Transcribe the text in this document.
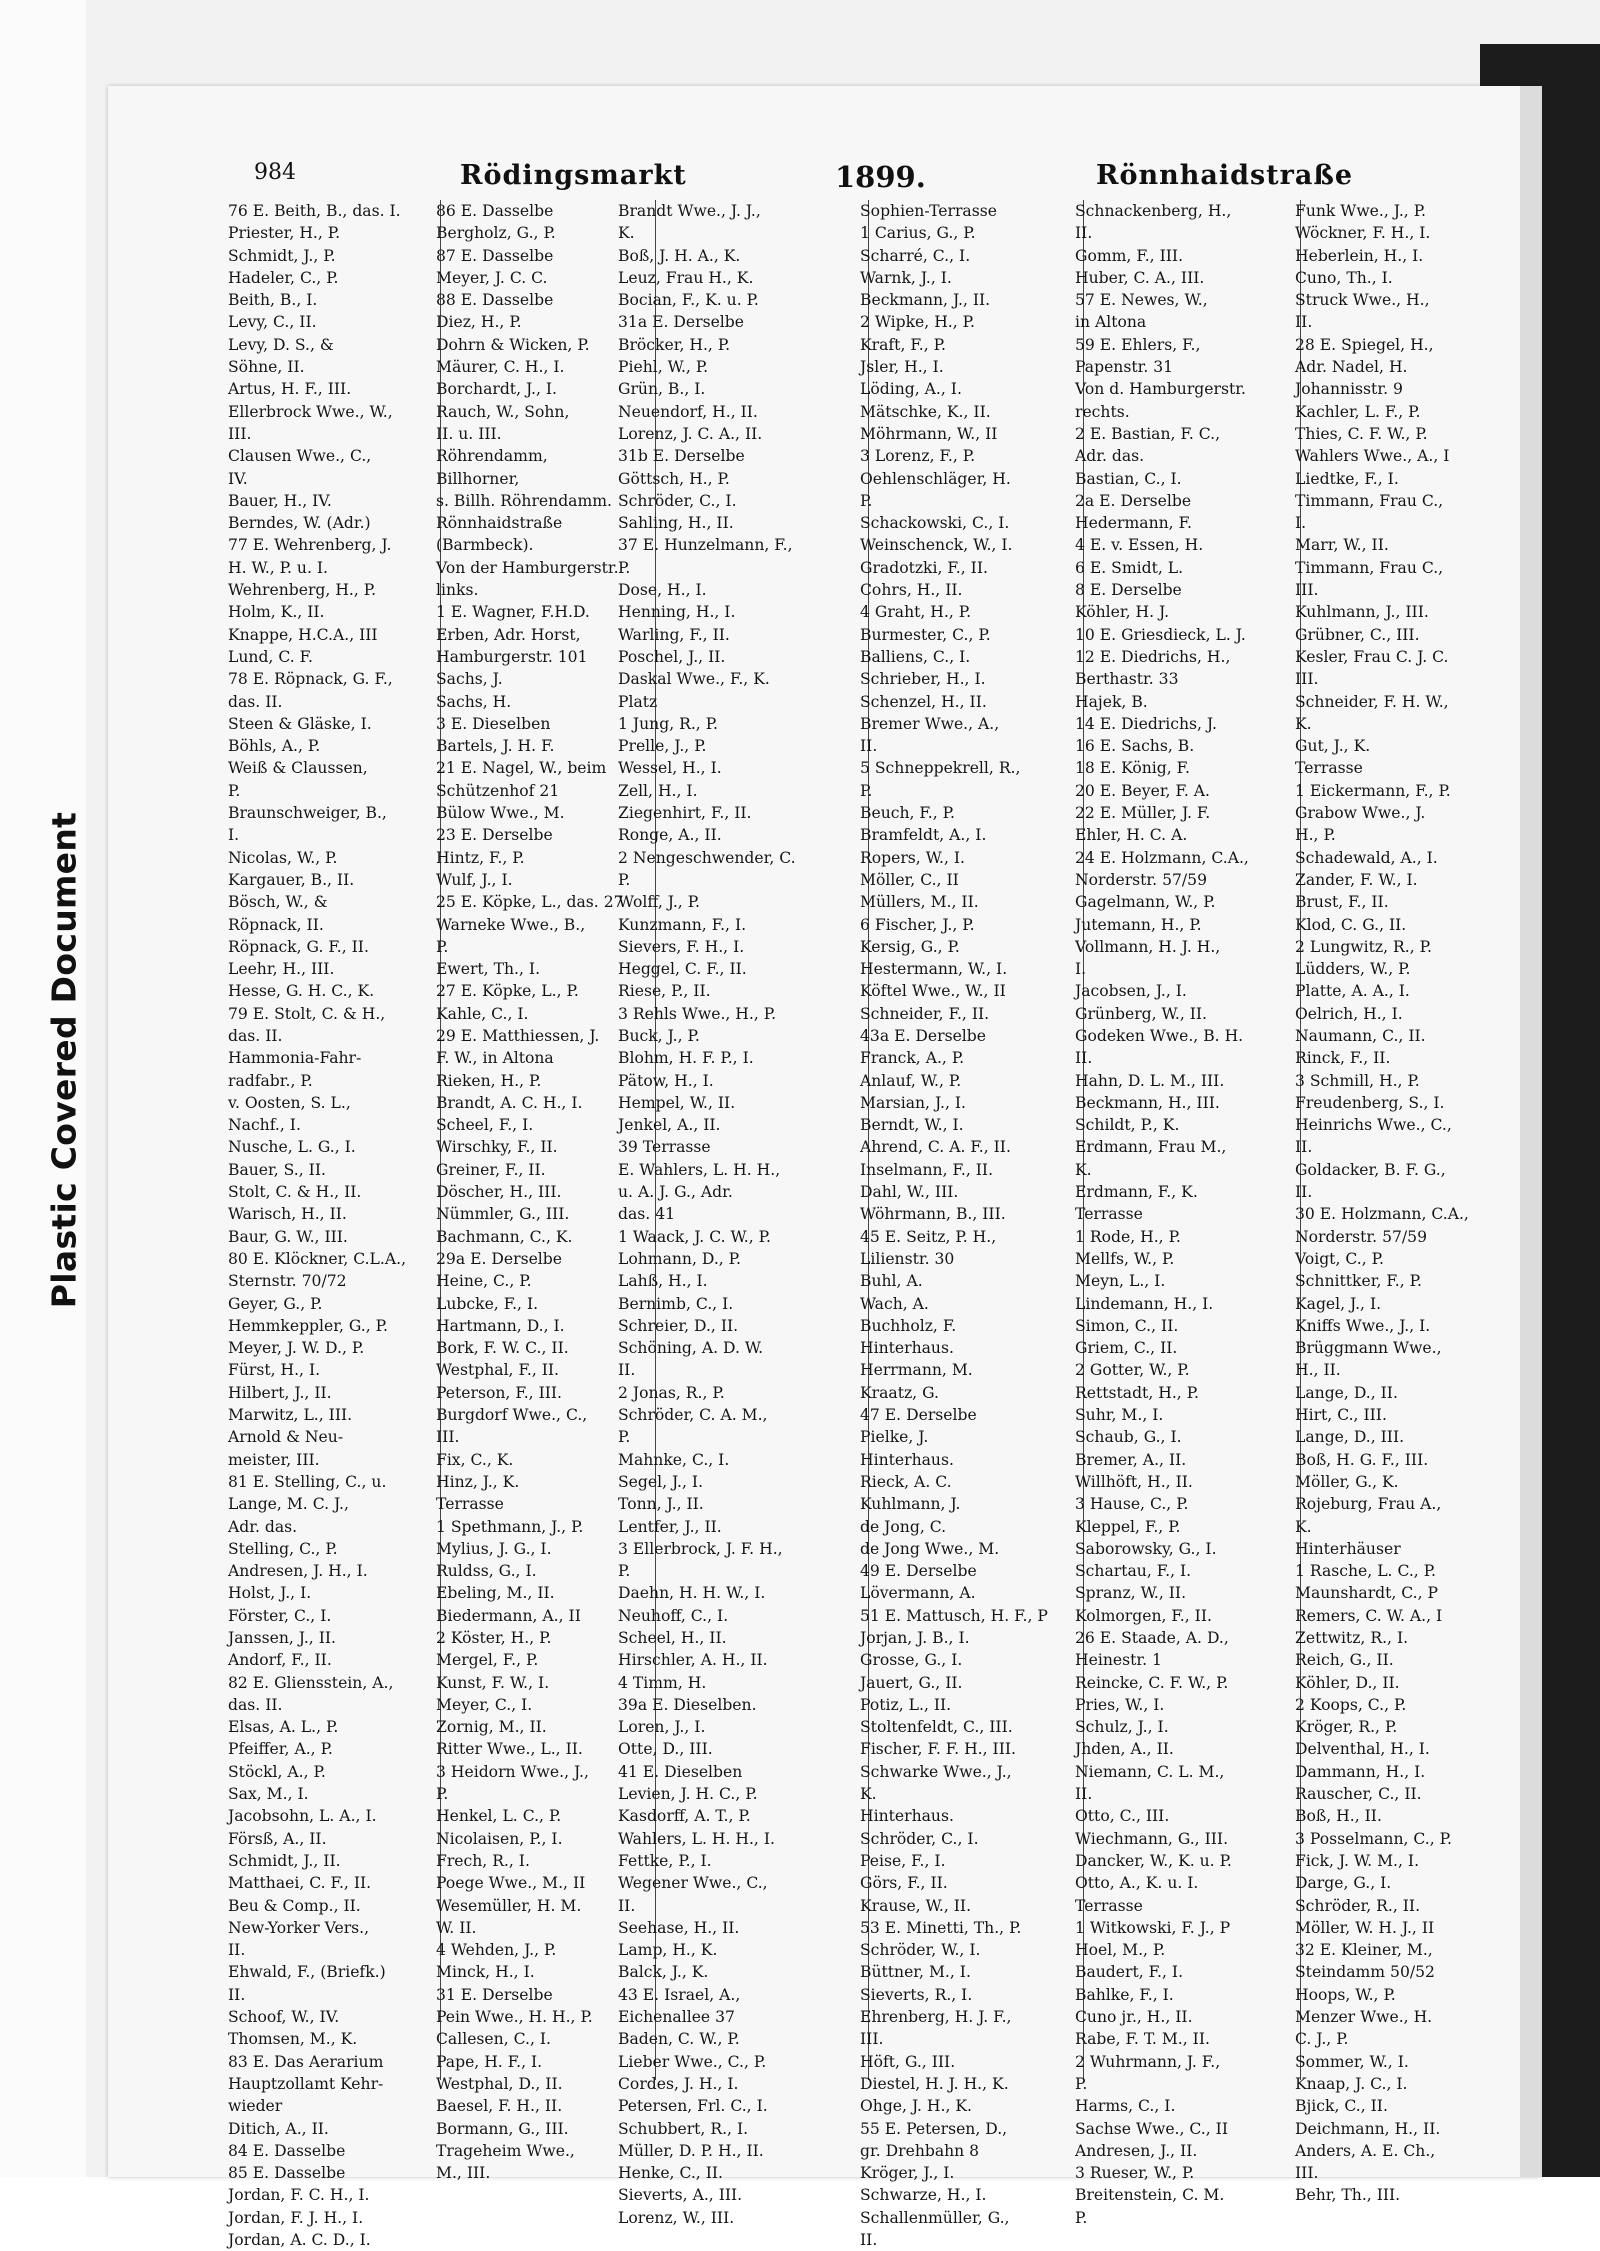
Plastic Covered Document
984	Rödingsmarkt	1899.	Rönnhaidstraße
76 E. Beith, B., das. I.
Priester, H., P.
Schmidt, J., P.
Hadeler, C., P.
Beith, B., I.
Levy, C., II.
Levy, D. S., &
Söhne, II.
Artus, H. F., III.
Ellerbrock Wwe., W.,
III.
Clausen Wwe., C.,
IV.
Bauer, H., IV.
Berndes, W. (Adr.)
77 E. Wehrenberg, J.
H. W., P. u. I.
Wehrenberg, H., P.
Holm, K., II.
Knappe, H.C.A., III
Lund, C. F.
78 E. Röpnack, G. F.,
das. II.
Steen & Gläske, I.
Böhls, A., P.
Weiß & Claussen,
P.
Braunschweiger, B.,
I.
Nicolas, W., P.
Kargauer, B., II.
Bösch, W., &
Röpnack, II.
Röpnack, G. F., II.
Leehr, H., III.
Hesse, G. H. C., K.
79 E. Stolt, C. & H.,
das. II.
Hammonia-Fahr-
radfabr., P.
v. Oosten, S. L.,
Nachf., I.
Nusche, L. G., I.
Bauer, S., II.
Stolt, C. & H., II.
Warisch, H., II.
Baur, G. W., III.
80 E. Klöckner, C.L.A.,
Sternstr. 70/72
Geyer, G., P.
Hemmkeppler, G., P.
Meyer, J. W. D., P.
Fürst, H., I.
Hilbert, J., II.
Marwitz, L., III.
Arnold & Neu-
meister, III.
81 E. Stelling, C., u.
Lange, M. C. J.,
Adr. das.
Stelling, C., P.
Andresen, J. H., I.
Holst, J., I.
Förster, C., I.
Janssen, J., II.
Andorf, F., II.
82 E. Gliensstein, A.,
das. II.
Elsas, A. L., P.
Pfeiffer, A., P.
Stöckl, A., P.
Sax, M., I.
Jacobsohn, L. A., I.
Försß, A., II.
Schmidt, J., II.
Matthaei, C. F., II.
Beu & Comp., II.
New-Yorker Vers.,
II.
Ehwald, F., (Briefk.)
II.
Schoof, W., IV.
Thomsen, M., K.
83 E. Das Aerarium
Hauptzollamt Kehr-
wieder
Ditich, A., II.
84 E. Dasselbe
85 E. Dasselbe
Jordan, F. C. H., I.
Jordan, F. J. H., I.
Jordan, A. C. D., I.
86 E. Dasselbe
Bergholz, G., P.
87 E. Dasselbe
Meyer, J. C. C.
88 E. Dasselbe
Diez, H., P.
Dohrn & Wicken, P.
Mäurer, C. H., I.
Borchardt, J., I.
Rauch, W., Sohn,
II. u. III.
Röhrendamm,
Billhorner,
s. Billh. Röhrendamm.
Rönnhaidstraße
(Barmbeck).
Von der Hamburgerstr.
links.
1 E. Wagner, F.H.D.
Erben, Adr. Horst,
Hamburgerstr. 101
Sachs, J.
Sachs, H.
3 E. Dieselben
Bartels, J. H. F.
21 E. Nagel, W., beim
Schützenhof 21
Bülow Wwe., M.
23 E. Derselbe
Hintz, F., P.
Wulf, J., I.
25 E. Köpke, L., das. 27
Warneke Wwe., B.,
P.
Ewert, Th., I.
27 E. Köpke, L., P.
Kahle, C., I.
29 E. Matthiessen, J.
F. W., in Altona
Rieken, H., P.
Brandt, A. C. H., I.
Scheel, F., I.
Wirschky, F., II.
Greiner, F., II.
Döscher, H., III.
Nümmler, G., III.
Bachmann, C., K.
29a E. Derselbe
Heine, C., P.
Lubcke, F., I.
Hartmann, D., I.
Bork, F. W. C., II.
Westphal, F., II.
Peterson, F., III.
Burgdorf Wwe., C.,
III.
Fix, C., K.
Hinz, J., K.
Terrasse
1 Spethmann, J., P.
Mylius, J. G., I.
Ruldss, G., I.
Ebeling, M., II.
Biedermann, A., II
2 Köster, H., P.
Mergel, F., P.
Kunst, F. W., I.
Meyer, C., I.
Zornig, M., II.
Ritter Wwe., L., II.
3 Heidorn Wwe., J.,
P.
Henkel, L. C., P.
Nicolaisen, P., I.
Frech, R., I.
Poege Wwe., M., II
Wesemüller, H. M.
W. II.
4 Wehden, J., P.
Minck, H., I.
31 E. Derselbe
Pein Wwe., H. H., P.
Callesen, C., I.
Pape, H. F., I.
Westphal, D., II.
Baesel, F. H., II.
Bormann, G., III.
Trageheim Wwe.,
M., III.
Brandt Wwe., J. J.,
K.
Boß, J. H. A., K.
Leuz, Frau H., K.
Bocian, F., K. u. P.
31a E. Derselbe
Bröcker, H., P.
Piehl, W., P.
Grün, B., I.
Neuendorf, H., II.
Lorenz, J. C. A., II.
31b E. Derselbe
Göttsch, H., P.
Schröder, C., I.
Sahling, H., II.
37 E. Hunzelmann, F.,
P.
Dose, H., I.
Henning, H., I.
Warling, F., II.
Poschel, J., II.
Daskal Wwe., F., K.
Platz
1 Jung, R., P.
Prelle, J., P.
Wessel, H., I.
Zell, H., I.
Ziegenhirt, F., II.
Ronge, A., II.
2 Nengeschwender, C.
P.
Wolff, J., P.
Kunzmann, F., I.
Sievers, F. H., I.
Heggel, C. F., II.
Riese, P., II.
3 Rehls Wwe., H., P.
Buck, J., P.
Blohm, H. F. P., I.
Pätow, H., I.
Hempel, W., II.
Jenkel, A., II.
39 Terrasse
E. Wahlers, L. H. H.,
u. A. J. G., Adr.
das. 41
1 Waack, J. C. W., P.
Lohmann, D., P.
Lahß, H., I.
Bernimb, C., I.
Schreier, D., II.
Schöning, A. D. W.
II.
2 Jonas, R., P.
Schröder, C. A. M.,
P.
Mahnke, C., I.
Segel, J., I.
Tonn, J., II.
Lentfer, J., II.
3 Ellerbrock, J. F. H.,
P.
Daehn, H. H. W., I.
Neuhoff, C., I.
Scheel, H., II.
Hirschler, A. H., II.
4 Timm, H.
39a E. Dieselben.
Loren, J., I.
Otte, D., III.
41 E. Dieselben
Levien, J. H. C., P.
Kasdorff, A. T., P.
Wahlers, L. H. H., I.
Fettke, P., I.
Wegener Wwe., C.,
II.
Seehase, H., II.
Lamp, H., K.
Balck, J., K.
43 E. Israel, A.,
Eichenallee 37
Baden, C. W., P.
Lieber Wwe., C., P.
Cordes, J. H., I.
Petersen, Frl. C., I.
Schubbert, R., I.
Müller, D. P. H., II.
Henke, C., II.
Sieverts, A., III.
Lorenz, W., III.
Sophien-Terrasse
1 Carius, G., P.
Scharré, C., I.
Warnk, J., I.
Beckmann, J., II.
2 Wipke, H., P.
Kraft, F., P.
Jsler, H., I.
Löding, A., I.
Mätschke, K., II.
Möhrmann, W., II
3 Lorenz, F., P.
Oehlenschläger, H.
P.
Schackowski, C., I.
Weinschenck, W., I.
Gradotzki, F., II.
Cohrs, H., II.
4 Graht, H., P.
Burmester, C., P.
Balliens, C., I.
Schrieber, H., I.
Schenzel, H., II.
Bremer Wwe., A.,
II.
5 Schneppekrell, R.,
P.
Beuch, F., P.
Bramfeldt, A., I.
Ropers, W., I.
Möller, C., II
Müllers, M., II.
6 Fischer, J., P.
Kersig, G., P.
Hestermann, W., I.
Köftel Wwe., W., II
Schneider, F., II.
43a E. Derselbe
Franck, A., P.
Anlauf, W., P.
Marsian, J., I.
Berndt, W., I.
Ahrend, C. A. F., II.
Inselmann, F., II.
Dahl, W., III.
Wöhrmann, B., III.
45 E. Seitz, P. H.,
Lilienstr. 30
Buhl, A.
Wach, A.
Buchholz, F.
Hinterhaus.
Herrmann, M.
Kraatz, G.
47 E. Derselbe
Pielke, J.
Hinterhaus.
Rieck, A. C.
Kuhlmann, J.
de Jong, C.
de Jong Wwe., M.
49 E. Derselbe
Lövermann, A.
51 E. Mattusch, H. F., P
Jorjan, J. B., I.
Grosse, G., I.
Jauert, G., II.
Potiz, L., II.
Stoltenfeldt, C., III.
Fischer, F. F. H., III.
Schwarke Wwe., J.,
K.
Hinterhaus.
Schröder, C., I.
Peise, F., I.
Görs, F., II.
Krause, W., II.
53 E. Minetti, Th., P.
Schröder, W., I.
Büttner, M., I.
Sieverts, R., I.
Ehrenberg, H. J. F.,
III.
Höft, G., III.
Diestel, H. J. H., K.
Ohge, J. H., K.
55 E. Petersen, D.,
gr. Drehbahn 8
Kröger, J., I.
Schwarze, H., I.
Schallenmüller, G.,
II.
Schnackenberg, H.,
II.
Gomm, F., III.
Huber, C. A., III.
57 E. Newes, W.,
in Altona
59 E. Ehlers, F.,
Papenstr. 31
Von d. Hamburgerstr.
rechts.
2 E. Bastian, F. C.,
Adr. das.
Bastian, C., I.
2a E. Derselbe
Hedermann, F.
4 E. v. Essen, H.
6 E. Smidt, L.
8 E. Derselbe
Köhler, H. J.
10 E. Griesdieck, L. J.
12 E. Diedrichs, H.,
Berthastr. 33
Hajek, B.
14 E. Diedrichs, J.
16 E. Sachs, B.
18 E. König, F.
20 E. Beyer, F. A.
22 E. Müller, J. F.
Ehler, H. C. A.
24 E. Holzmann, C.A.,
Norderstr. 57/59
Gagelmann, W., P.
Jutemann, H., P.
Vollmann, H. J. H.,
I.
Jacobsen, J., I.
Grünberg, W., II.
Godeken Wwe., B. H.
II.
Hahn, D. L. M., III.
Beckmann, H., III.
Schildt, P., K.
Erdmann, Frau M.,
K.
Erdmann, F., K.
Terrasse
1 Rode, H., P.
Mellfs, W., P.
Meyn, L., I.
Lindemann, H., I.
Simon, C., II.
Griem, C., II.
2 Gotter, W., P.
Rettstadt, H., P.
Suhr, M., I.
Schaub, G., I.
Bremer, A., II.
Willhöft, H., II.
3 Hause, C., P.
Kleppel, F., P.
Saborowsky, G., I.
Schartau, F., I.
Spranz, W., II.
Kolmorgen, F., II.
26 E. Staade, A. D.,
Heinestr. 1
Reincke, C. F. W., P.
Pries, W., I.
Schulz, J., I.
Jhden, A., II.
Niemann, C. L. M.,
II.
Otto, C., III.
Wiechmann, G., III.
Dancker, W., K. u. P.
Otto, A., K. u. I.
Terrasse
1 Witkowski, F. J., P
Hoel, M., P.
Baudert, F., I.
Bahlke, F., I.
Cuno jr., H., II.
Rabe, F. T. M., II.
2 Wuhrmann, J. F.,
P.
Harms, C., I.
Sachse Wwe., C., II
Andresen, J., II.
3 Rueser, W., P.
Breitenstein, C. M.
P.
Funk Wwe., J., P.
Wöckner, F. H., I.
Heberlein, H., I.
Cuno, Th., I.
Struck Wwe., H.,
II.
28 E. Spiegel, H.,
Adr. Nadel, H.
Johannisstr. 9
Kachler, L. F., P.
Thies, C. F. W., P.
Wahlers Wwe., A., I
Liedtke, F., I.
Timmann, Frau C.,
I.
Marr, W., II.
Timmann, Frau C.,
III.
Kuhlmann, J., III.
Grübner, C., III.
Kesler, Frau C. J. C.
III.
Schneider, F. H. W.,
K.
Gut, J., K.
Terrasse
1 Eickermann, F., P.
Grabow Wwe., J.
H., P.
Schadewald, A., I.
Zander, F. W., I.
Brust, F., II.
Klod, C. G., II.
2 Lungwitz, R., P.
Lüdders, W., P.
Platte, A. A., I.
Oelrich, H., I.
Naumann, C., II.
Rinck, F., II.
3 Schmill, H., P.
Freudenberg, S., I.
Heinrichs Wwe., C.,
II.
Goldacker, B. F. G.,
II.
30 E. Holzmann, C.A.,
Norderstr. 57/59
Voigt, C., P.
Schnittker, F., P.
Kagel, J., I.
Kniffs Wwe., J., I.
Brüggmann Wwe.,
H., II.
Lange, D., II.
Hirt, C., III.
Lange, D., III.
Boß, H. G. F., III.
Möller, G., K.
Rojeburg, Frau A.,
K.
Hinterhäuser
1 Rasche, L. C., P.
Maunshardt, C., P
Remers, C. W. A., I
Zettwitz, R., I.
Reich, G., II.
Köhler, D., II.
2 Koops, C., P.
Kröger, R., P.
Delventhal, H., I.
Dammann, H., I.
Rauscher, C., II.
Boß, H., II.
3 Posselmann, C., P.
Fick, J. W. M., I.
Darge, G., I.
Schröder, R., II.
Möller, W. H. J., II
32 E. Kleiner, M.,
Steindamm 50/52
Hoops, W., P.
Menzer Wwe., H.
C. J., P.
Sommer, W., I.
Knaap, J. C., I.
Bjick, C., II.
Deichmann, H., II.
Anders, A. E. Ch.,
III.
Behr, Th., III.
